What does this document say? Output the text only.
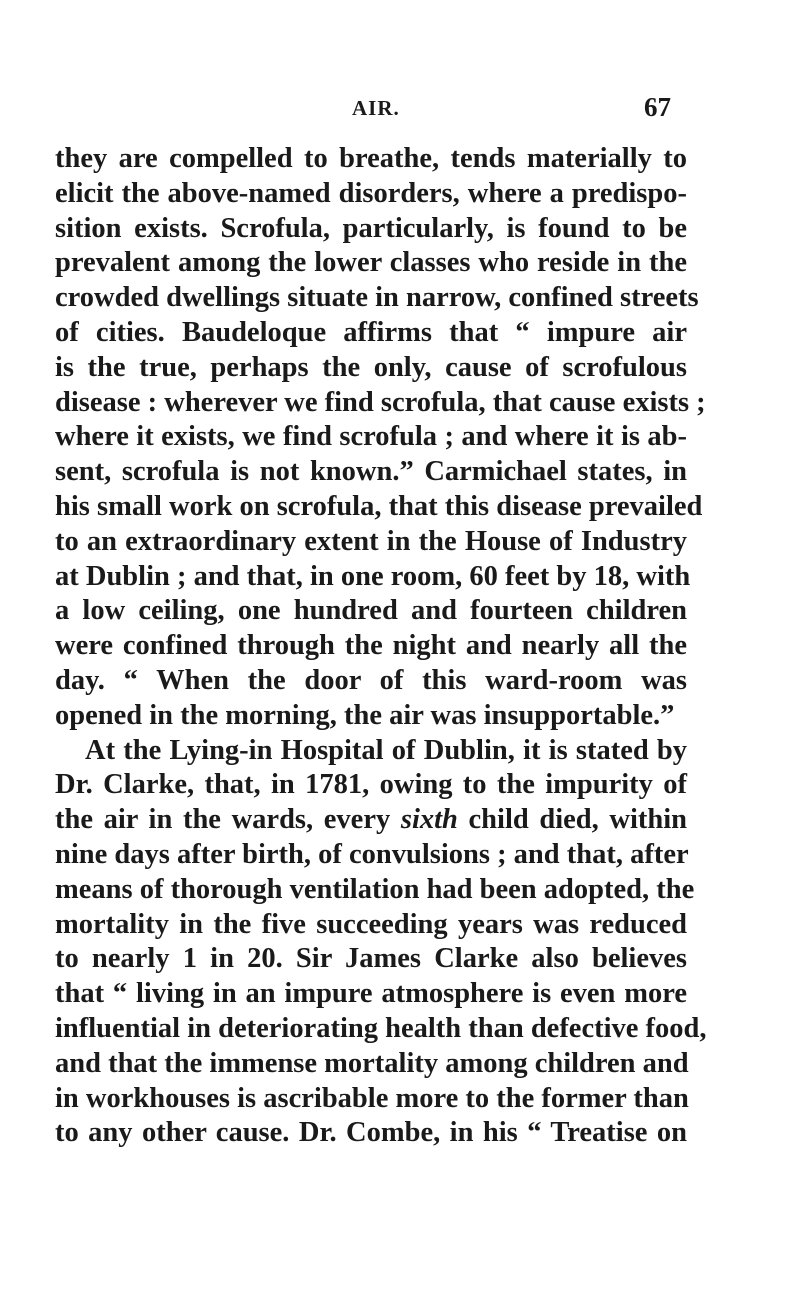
AIR.	67
they are compelled to breathe, tends materially to
elicit the above-named disorders, where a predispo-
sition exists. Scrofula, particularly, is found to be
prevalent among the lower classes who reside in the
crowded dwellings situate in narrow, confined streets
of cities. Baudeloque affirms that “ impure air
is the true, perhaps the only, cause of scrofulous
disease : wherever we find scrofula, that cause exists ;
where it exists, we find scrofula ; and where it is ab-
sent, scrofula is not known.” Carmichael states, in
his small work on scrofula, that this disease prevailed
to an extraordinary extent in the House of Industry
at Dublin ; and that, in one room, 60 feet by 18, with
a low ceiling, one hundred and fourteen children
were confined through the night and nearly all the
day. “ When the door of this ward-room was
opened in the morning, the air was insupportable.”
At the Lying-in Hospital of Dublin, it is stated by
Dr. Clarke, that, in 1781, owing to the impurity of
the air in the wards, every sixth child died, within
nine days after birth, of convulsions ; and that, after
means of thorough ventilation had been adopted, the
mortality in the five succeeding years was reduced
to nearly 1 in 20. Sir James Clarke also believes
that “ living in an impure atmosphere is even more
influential in deteriorating health than defective food,
and that the immense mortality among children and
in workhouses is ascribable more to the former than
to any other cause. Dr. Combe, in his “ Treatise on
